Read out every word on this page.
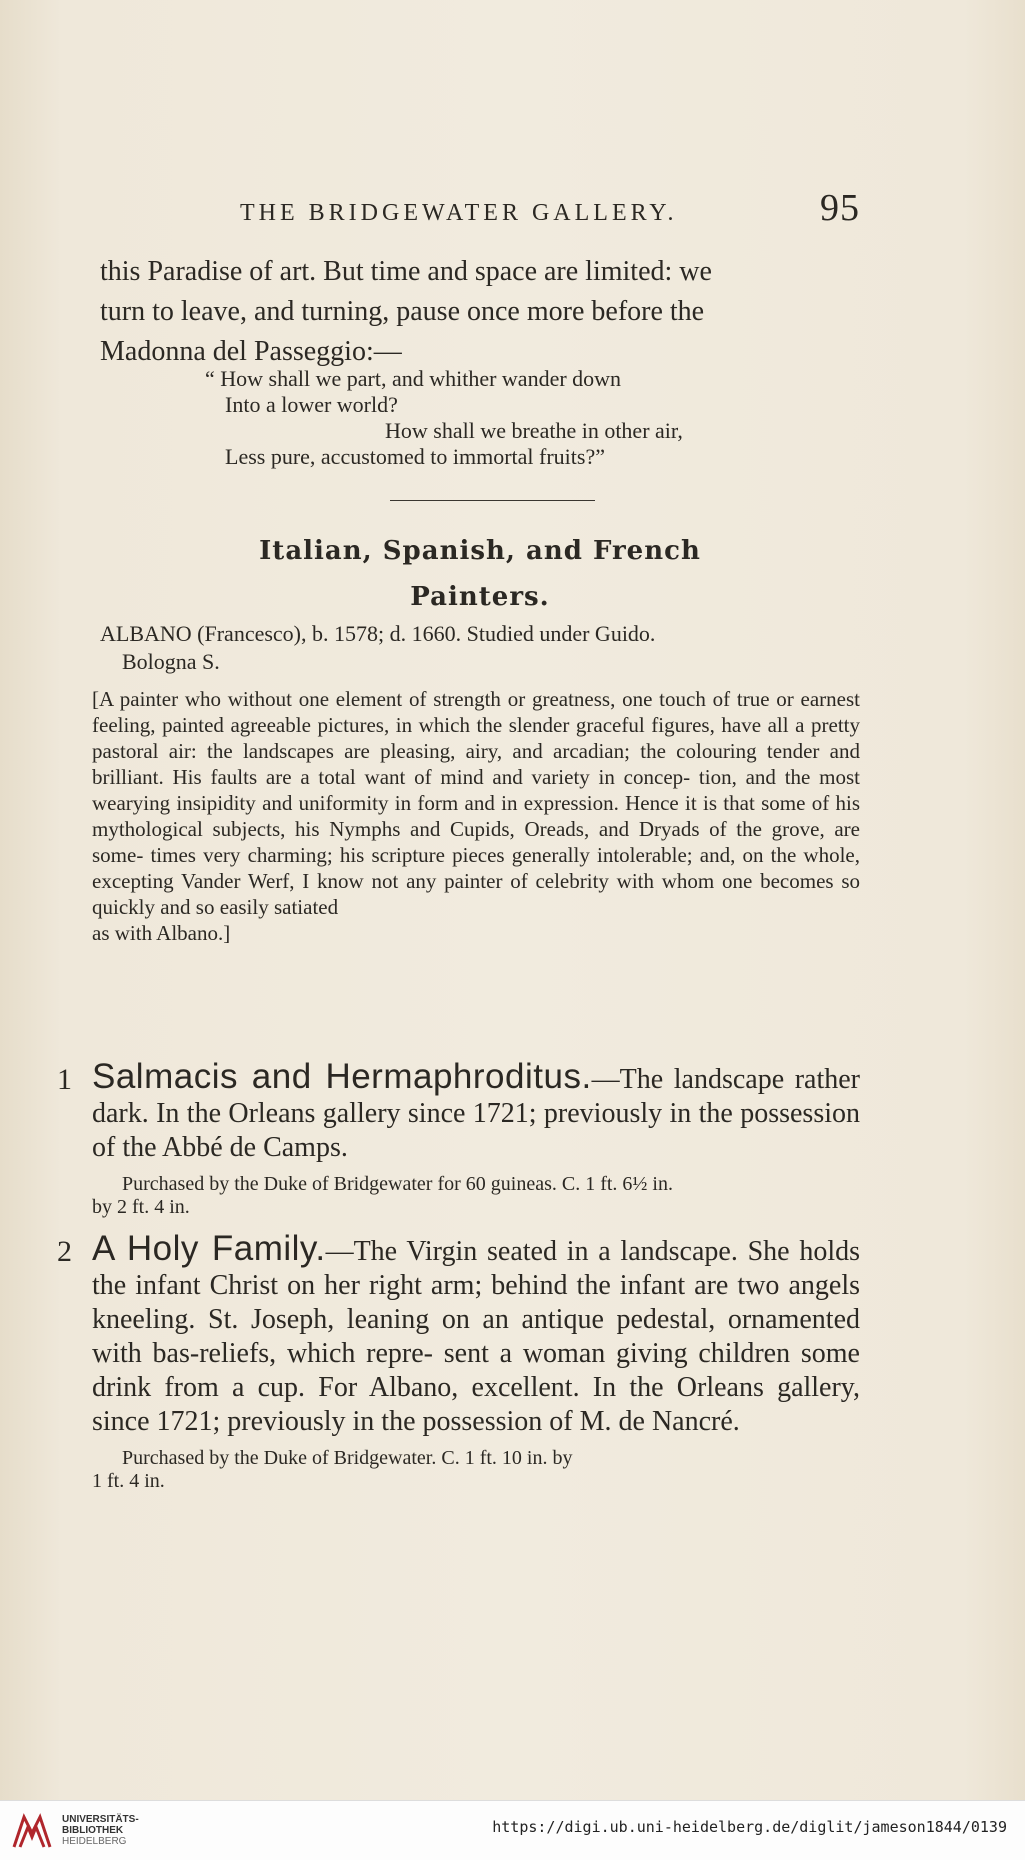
THE BRIDGEWATER GALLERY.	95

this Paradise of art. But time and space are limited: we

turn to leave, and turning, pause once more before the

Madonna del Passeggio:—

“ How shall we part, and whither wander down
Into a lower world?
How shall we breathe in other air,
Less pure, accustomed to immortal fruits?”
Italian, Spanish, and French
Painters.
ALBANO (Francesco), b. 1578; d. 1660. Studied under Guido.
Bologna S.

[A painter who without one element of strength or greatness, one touch of true or earnest feeling, painted agreeable pictures, in which the slender graceful figures, have all a pretty pastoral air: the landscapes are pleasing, airy, and arcadian; the colouring tender and brilliant. His faults are a total want of mind and variety in concep- tion, and the most wearying insipidity and uniformity in form and in expression. Hence it is that some of his mythological subjects, his Nymphs and Cupids, Oreads, and Dryads of the grove, are some- times very charming; his scripture pieces generally intolerable; and, on the whole, excepting Vander Werf, I know not any painter of celebrity with whom one becomes so quickly and so easily satiated

as with Albano.]

1 Salmacis and Hermaphroditus.—The landscape rather dark. In the Orleans gallery since 1721; previously in the possession of the Abbé de Camps.
Purchased by the Duke of Bridgewater for 60 guineas. C. 1 ft. 6½ in.
by 2 ft. 4 in.
2 A Holy Family.—The Virgin seated in a landscape. She holds the infant Christ on her right arm; behind the infant are two angels kneeling. St. Joseph, leaning on an antique pedestal, ornamented with bas-reliefs, which repre- sent a woman giving children some drink from a cup. For Albano, excellent. In the Orleans gallery, since 1721; previously in the possession of M. de Nancré.
Purchased by the Duke of Bridgewater. C. 1 ft. 10 in. by
1 ft. 4 in.
UNIVERSITÄTS-
BIBLIOTHEK
HEIDELBERG
https://digi.ub.uni-heidelberg.de/diglit/jameson1844/0139
